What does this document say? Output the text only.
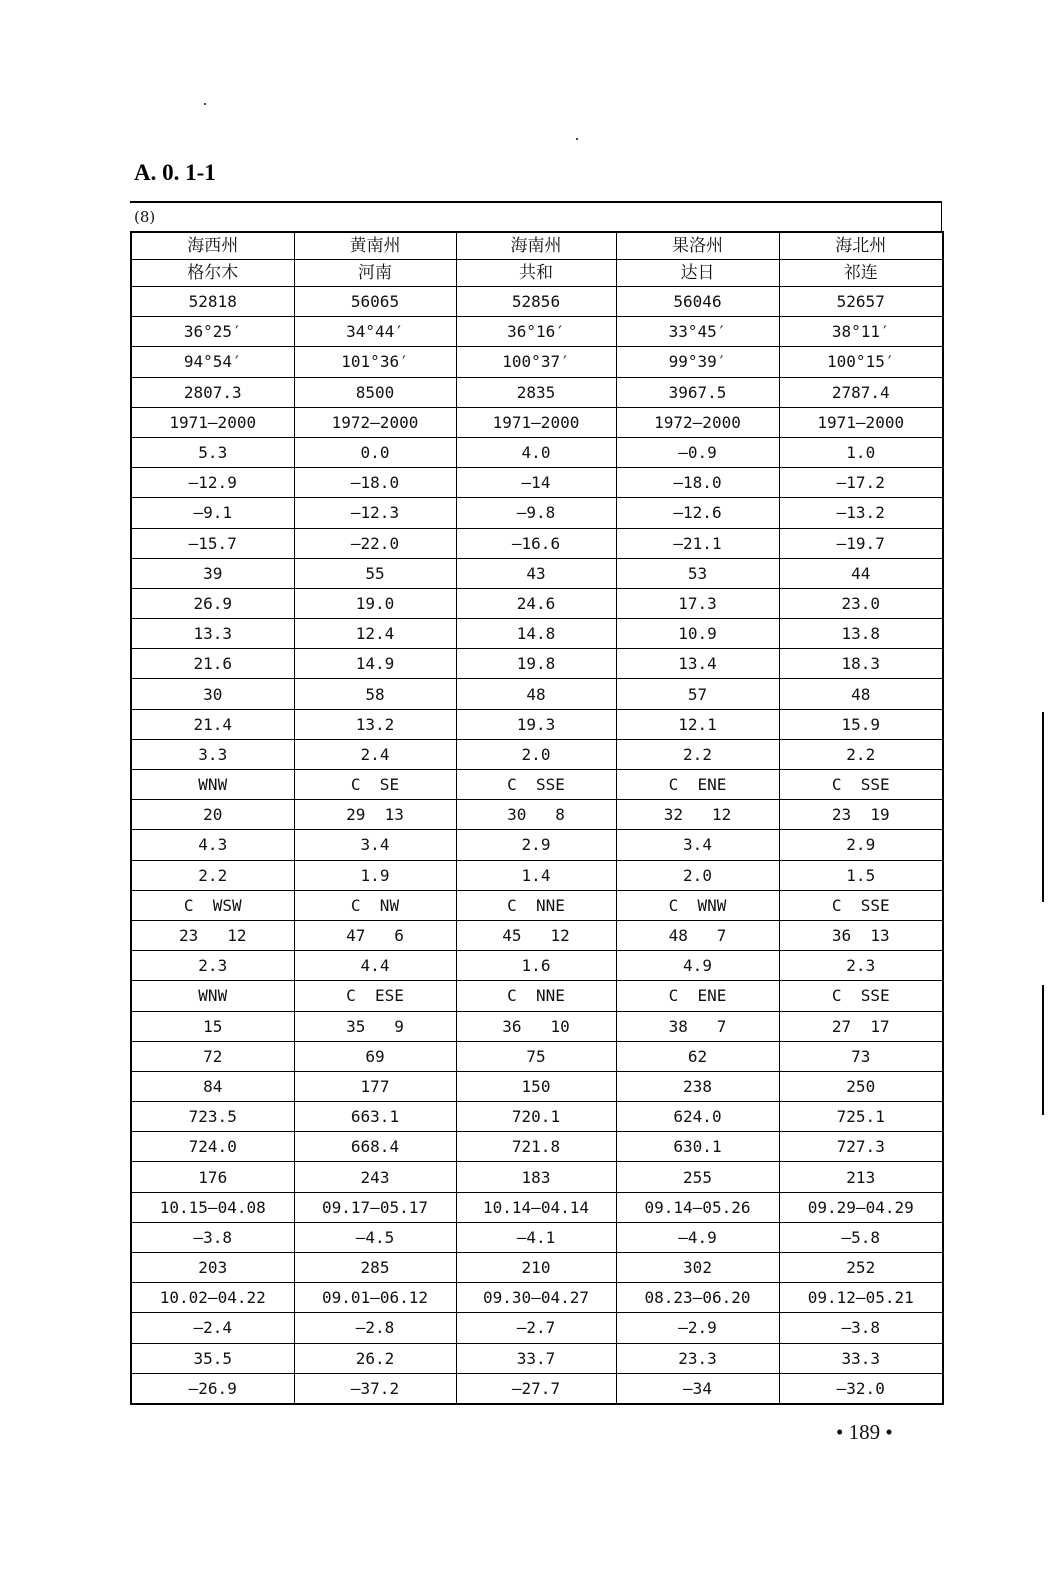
A. 0. 1-1
(8)
海西州	黄南州	海南州	果洛州	海北州
格尔木	河南	共和	达日	祁连
52818	56065	52856	56046	52657
36°25′	34°44′	36°16′	33°45′	38°11′
94°54′	101°36′	100°37′	99°39′	100°15′
2807.3	8500	2835	3967.5	2787.4
1971—2000	1972—2000	1971—2000	1972—2000	1971—2000
5.3	0.0	4.0	—0.9	1.0
—12.9	—18.0	—14	—18.0	—17.2
—9.1	—12.3	—9.8	—12.6	—13.2
—15.7	—22.0	—16.6	—21.1	—19.7
39	55	43	53	44
26.9	19.0	24.6	17.3	23.0
13.3	12.4	14.8	10.9	13.8
21.6	14.9	19.8	13.4	18.3
30	58	48	57	48
21.4	13.2	19.3	12.1	15.9
3.3	2.4	2.0	2.2	2.2
WNW	C  SE	C  SSE	C  ENE	C  SSE
20	29  13	30   8	32   12	23  19
4.3	3.4	2.9	3.4	2.9
2.2	1.9	1.4	2.0	1.5
C  WSW	C  NW	C  NNE	C  WNW	C  SSE
23   12	47   6	45   12	48   7	36  13
2.3	4.4	1.6	4.9	2.3
WNW	C  ESE	C  NNE	C  ENE	C  SSE
15	35   9	36   10	38   7	27  17
72	69	75	62	73
84	177	150	238	250
723.5	663.1	720.1	624.0	725.1
724.0	668.4	721.8	630.1	727.3
176	243	183	255	213
10.15—04.08	09.17—05.17	10.14—04.14	09.14—05.26	09.29—04.29
—3.8	—4.5	—4.1	—4.9	—5.8
203	285	210	302	252
10.02—04.22	09.01—06.12	09.30—04.27	08.23—06.20	09.12—05.21
—2.4	—2.8	—2.7	—2.9	—3.8
35.5	26.2	33.7	23.3	33.3
—26.9	—37.2	—27.7	—34	—32.0
• 189 •
